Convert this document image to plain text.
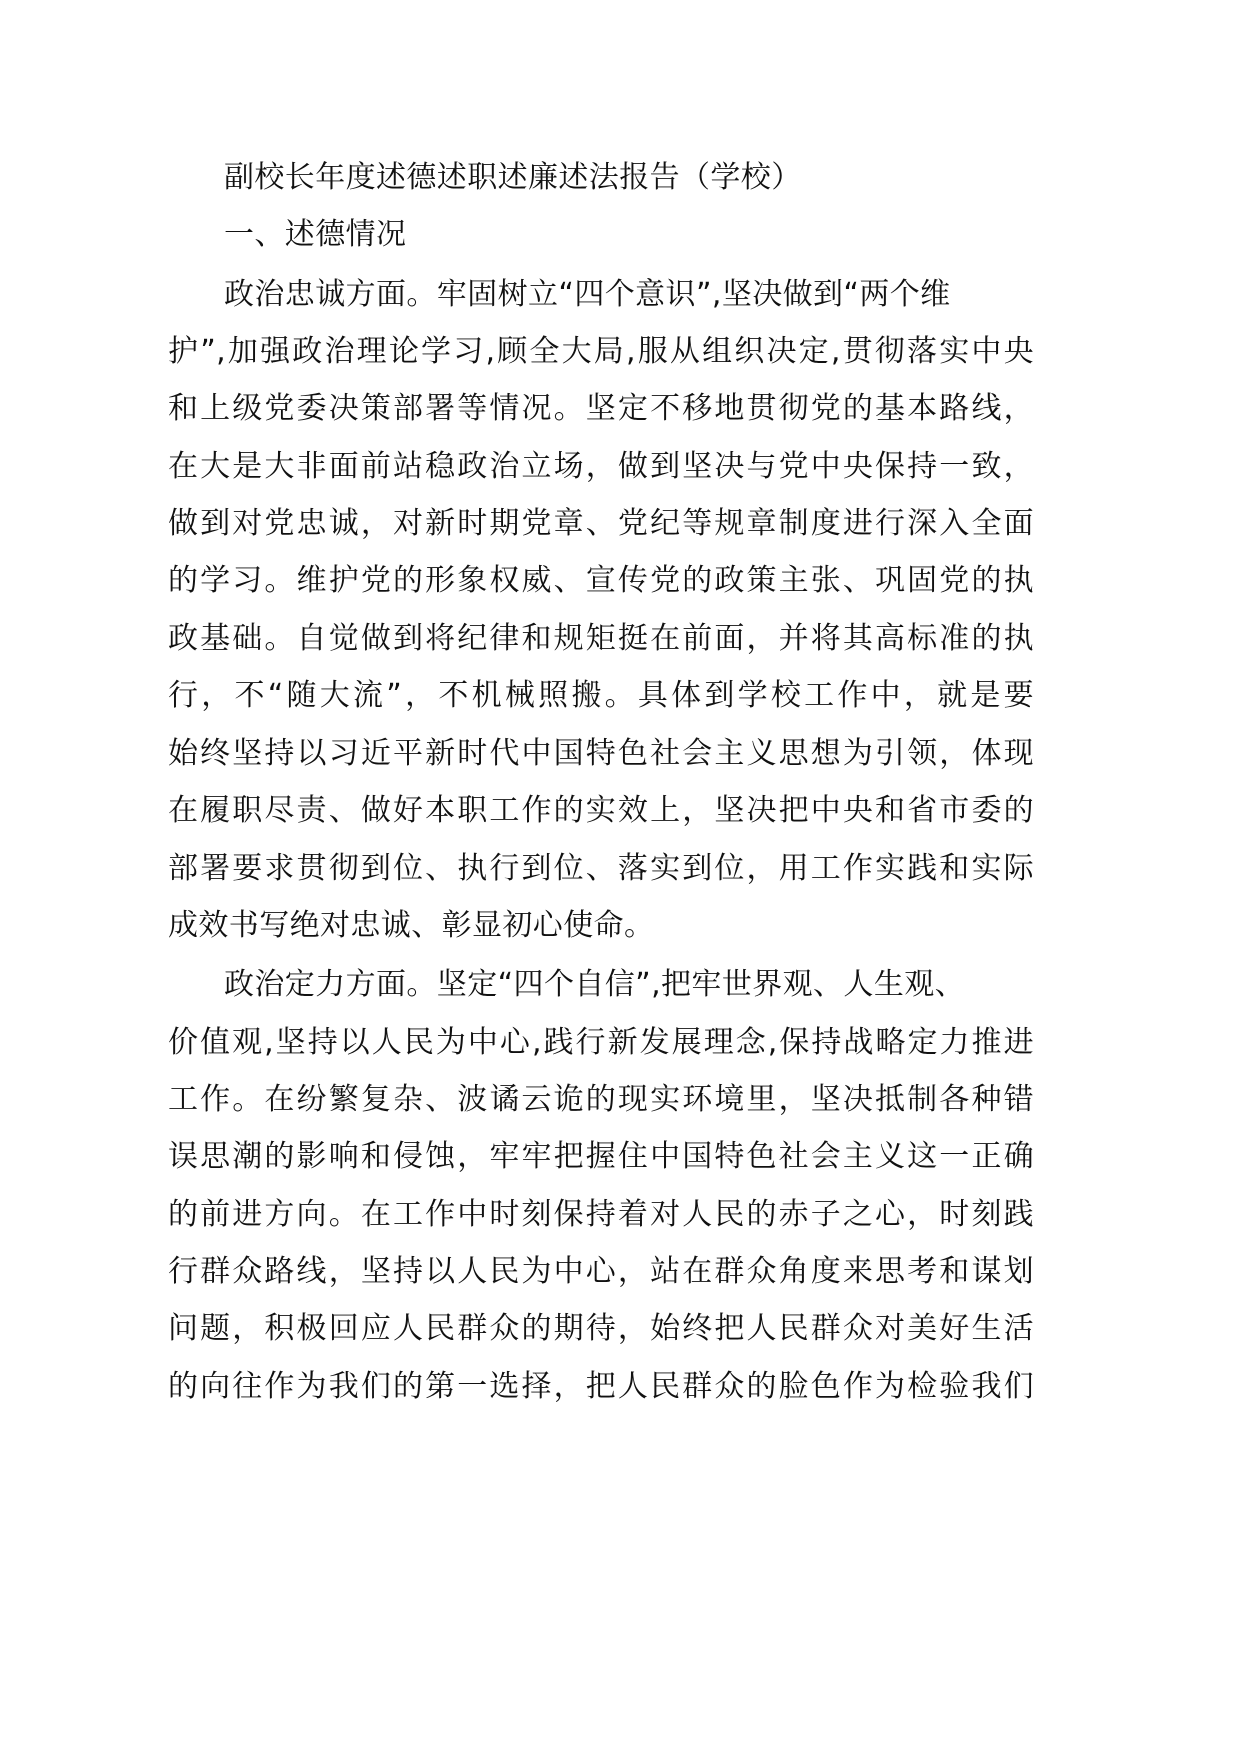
副校长年度述德述职述廉述法报告（学校）
一、述德情况
政治忠诚方面。牢固树立“四个意识”,坚决做到“两个维
护”,加强政治理论学习,顾全大局,服从组织决定,贯彻落实中央
和上级党委决策部署等情况。坚定不移地贯彻党的基本路线，
在大是大非面前站稳政治立场，做到坚决与党中央保持一致，
做到对党忠诚，对新时期党章、党纪等规章制度进行深入全面
的学习。维护党的形象权威、宣传党的政策主张、巩固党的执
政基础。自觉做到将纪律和规矩挺在前面，并将其高标准的执
行，不“随大流”，不机械照搬。具体到学校工作中，就是要
始终坚持以习近平新时代中国特色社会主义思想为引领，体现
在履职尽责、做好本职工作的实效上，坚决把中央和省市委的
部署要求贯彻到位、执行到位、落实到位，用工作实践和实际
成效书写绝对忠诚、彰显初心使命。
政治定力方面。坚定“四个自信”,把牢世界观、人生观、
价值观,坚持以人民为中心,践行新发展理念,保持战略定力推进
工作。在纷繁复杂、波谲云诡的现实环境里，坚决抵制各种错
误思潮的影响和侵蚀，牢牢把握住中国特色社会主义这一正确
的前进方向。在工作中时刻保持着对人民的赤子之心，时刻践
行群众路线，坚持以人民为中心，站在群众角度来思考和谋划
问题，积极回应人民群众的期待，始终把人民群众对美好生活
的向往作为我们的第一选择，把人民群众的脸色作为检验我们
